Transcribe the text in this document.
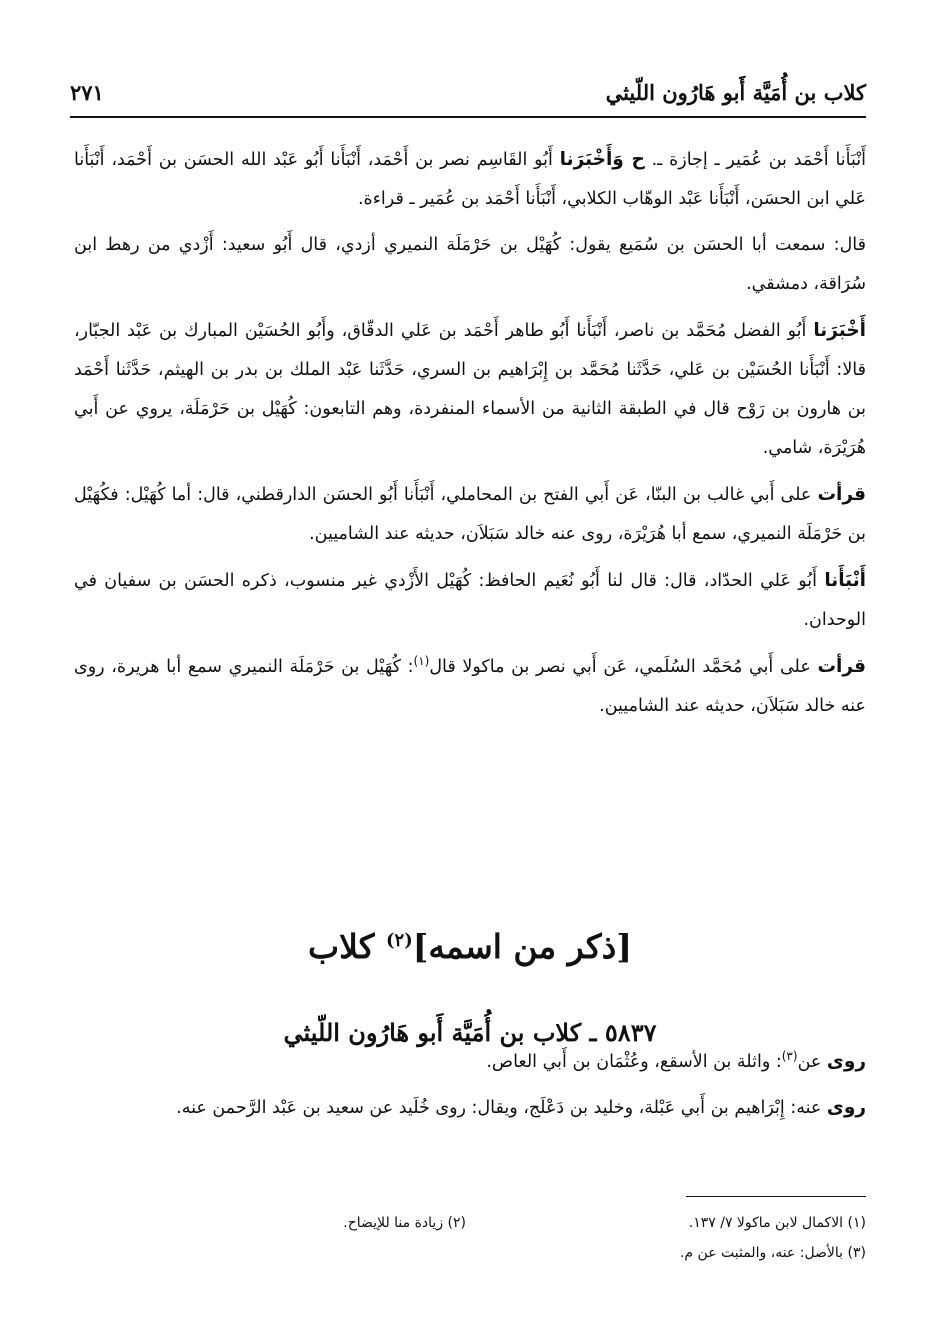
كلاب بن أُمَيَّة أَبو هَارُون اللّيثي
٢٧١

أَنْبَأَنا أَحْمَد بن عُمَير ـ إجازة ـ. ح وَأَخْبَرَنا أَبُو القَاسِم نصر بن أَحْمَد، أَنْبَأَنا أَبُو عَبْد الله الحسَن بن أَحْمَد، أَنْبَأَنا عَلي ابن الحسَن، أَنْبَأَنا عَبْد الوهّاب الكلابي، أَنْبَأَنا أَحْمَد بن عُمَير ـ قراءة.

قال: سمعت أبا الحسَن بن سُمَيع يقول: كُهَيْل بن حَرْمَلَة النميري أزدي، قال أَبُو سعيد: أَزْدي من رهط ابن سُرَاقة، دمشقي.

أَخْبَرَنا أَبُو الفضل مُحَمَّد بن ناصر، أَنْبَأَنا أَبُو طاهر أَحْمَد بن عَلي الدقّاق، وأَبُو الحُسَيْن المبارك بن عَبْد الجبّار، قالا: أَنْبَأَنا الحُسَيْن بن عَلي، حَدَّثَنا مُحَمَّد بن إِبْرَاهيم بن السري، حَدَّثَنا عَبْد الملك بن بدر بن الهيثم، حَدَّثَنا أَحْمَد بن هارون بن رَوْح قال في الطبقة الثانية من الأسماء المنفردة، وهم التابعون: كُهَيْل بن حَرْمَلَة، يروي عن أَبي هُرَيْرَة، شامي.

قرأت على أَبي غالب بن البنّا، عَن أَبي الفتح بن المحاملي، أَنْبَأَنا أَبُو الحسَن الدارقطني، قال: أما كُهَيْل: فكُهَيْل بن حَرْمَلَة النميري، سمع أبا هُرَيْرَة، روى عنه خالد سَبَلاَن، حديثه عند الشاميين.

أَنْبَأَنا أَبُو عَلي الحدّاد، قال: قال لنا أَبُو نُعَيم الحافظ: كُهَيْل الأَزْدي غير منسوب، ذكره الحسَن بن سفيان في الوحدان.

قرأت على أَبي مُحَمَّد السُلَمي، عَن أَبي نصر بن ماكولا قال$^{(١)}$: كُهَيْل بن حَرْمَلَة النميري سمع أبا هريرة، روى عنه خالد سَبَلاَن، حديثه عند الشاميين.

[ذكر من اسمه]$^{(٢)}$ كلاب
٥٨٣٧ ـ كلاب بن أُمَيَّة أَبو هَارُون اللّيثي

روى عن$^{(٣)}$: واثلة بن الأسقع، وعُثْمَان بن أَبي العاص.

روى عنه: إِبْرَاهيم بن أَبي عَبْلة، وخليد بن دَعْلَج، ويقال: روى خُلَيد عن سعيد بن عَبْد الرَّحمن عنه.

(١) الاكمال لابن ماكولا ٧/ ١٣٧.
(٢) زيادة منا للإيضاح.
(٣) بالأصل: عنه، والمثبت عن م.
